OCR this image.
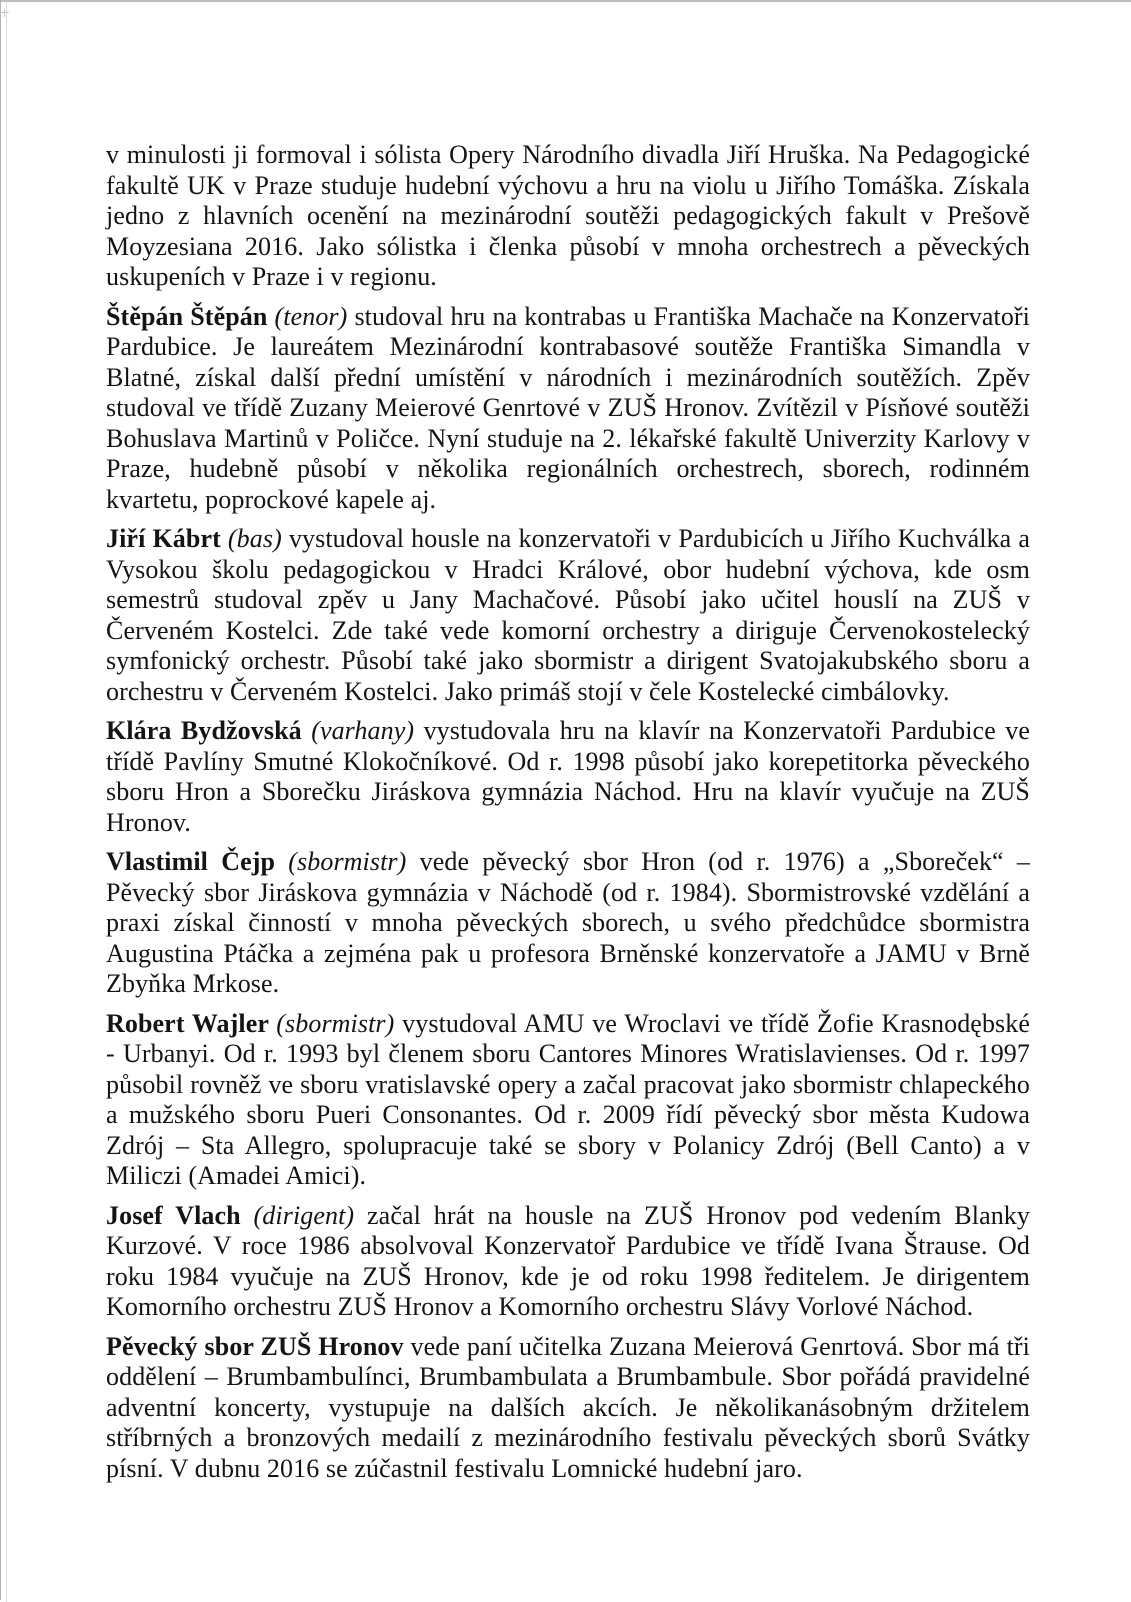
v minulosti ji formoval i sólista Opery Národního divadla Jiří Hruška. Na Pedagogické fakultě UK v Praze studuje hudební výchovu a hru na violu u Jiřího Tomáška. Získala jedno z hlavních ocenění na mezinárodní soutěži pedagogických fakult v Prešově Moyzesiana 2016. Jako sólistka i členka působí v mnoha orchestrech a pěveckých uskupeních v Praze i v regionu.

Štěpán Štěpán (tenor) studoval hru na kontrabas u Františka Machače na Konzervatoři Pardubice. Je laureátem Mezinárodní kontrabasové soutěže Františka Simandla v Blatné, získal další přední umístění v národních i mezinárodních soutěžích. Zpěv studoval ve třídě Zuzany Meierové Genrtové v ZUŠ Hronov. Zvítězil v Písňové soutěži Bohuslava Martinů v Poličce. Nyní studuje na 2. lékařské fakultě Univerzity Karlovy v Praze, hudebně působí v několika regionálních orchestrech, sborech, rodinném kvartetu, poprockové kapele aj.

Jiří Kábrt (bas) vystudoval housle na konzervatoři v Pardubicích u Jiřího Kuchválka a Vysokou školu pedagogickou v Hradci Králové, obor hudební výchova, kde osm semestrů studoval zpěv u Jany Machačové. Působí jako učitel houslí na ZUŠ v Červeném Kostelci. Zde také vede komorní orchestry a diriguje Červenokostelecký symfonický orchestr. Působí také jako sbormistr a dirigent Svatojakubského sboru a orchestru v Červeném Kostelci. Jako primáš stojí v čele Kostelecké cimbálovky.

Klára Bydžovská (varhany) vystudovala hru na klavír na Konzervatoři Pardubice ve třídě Pavlíny Smutné Klokočníkové. Od r. 1998 působí jako korepetitorka pěveckého sboru Hron a Sborečku Jiráskova gymnázia Náchod. Hru na klavír vyučuje na ZUŠ Hronov.

Vlastimil Čejp (sbormistr) vede pěvecký sbor Hron (od r. 1976) a „Sboreček“ – Pěvecký sbor Jiráskova gymnázia v Náchodě (od r. 1984). Sbormistrovské vzdělání a praxi získal činností v mnoha pěveckých sborech, u svého předchůdce sbormistra Augustina Ptáčka a zejména pak u profesora Brněnské konzervatoře a JAMU v Brně Zbyňka Mrkose.

Robert Wajler (sbormistr) vystudoval AMU ve Wroclavi ve třídě Žofie Krasnodębské - Urbanyi. Od r. 1993 byl členem sboru Cantores Minores Wratislavienses. Od r. 1997 působil rovněž ve sboru vratislavské opery a začal pracovat jako sbormistr chlapeckého a mužského sboru Pueri Consonantes. Od r. 2009 řídí pěvecký sbor města Kudowa Zdrój – Sta Allegro, spolupracuje také se sbory v Polanicy Zdrój (Bell Canto) a v Miliczi (Amadei Amici).

Josef Vlach (dirigent) začal hrát na housle na ZUŠ Hronov pod vedením Blanky Kurzové. V roce 1986 absolvoval Konzervatoř Pardubice ve třídě Ivana Štrause. Od roku 1984 vyučuje na ZUŠ Hronov, kde je od roku 1998 ředitelem. Je dirigentem Komorního orchestru ZUŠ Hronov a Komorního orchestru Slávy Vorlové Náchod.

Pěvecký sbor ZUŠ Hronov vede paní učitelka Zuzana Meierová Genrtová. Sbor má tři oddělení – Brumbambulínci, Brumbambulata a Brumbambule. Sbor pořádá pravidelné adventní koncerty, vystupuje na dalších akcích. Je několikanásobným držitelem stříbrných a bronzových medailí z mezinárodního festivalu pěveckých sborů Svátky písní. V dubnu 2016 se zúčastnil festivalu Lomnické hudební jaro.
